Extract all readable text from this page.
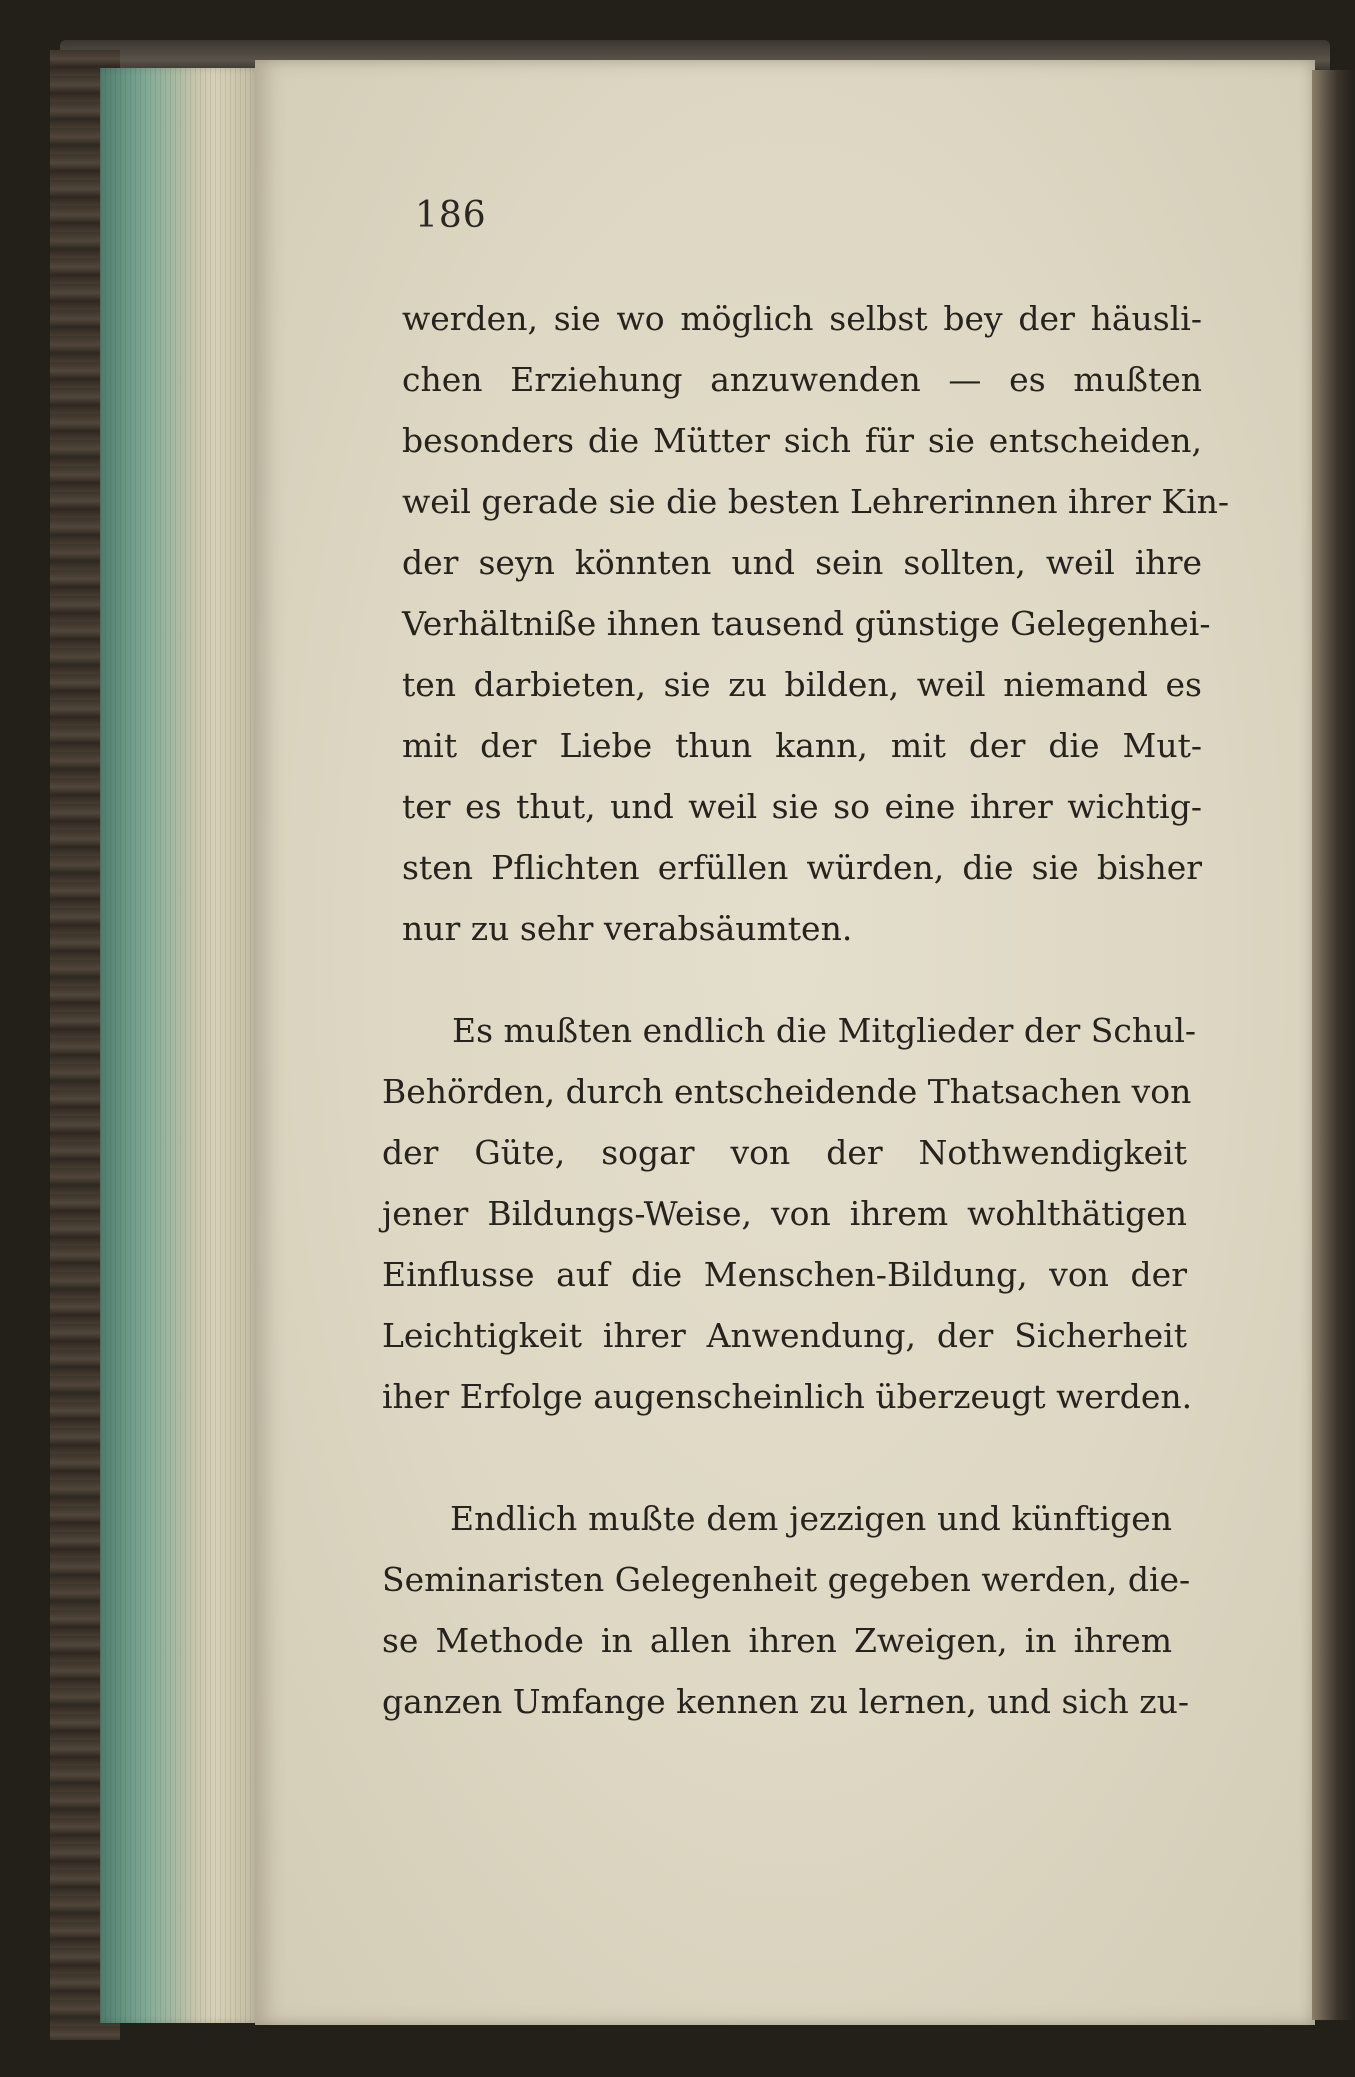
186

werden, sie wo möglich selbst bey der häusli-
chen Erziehung anzuwenden — es mußten
besonders die Mütter sich für sie entscheiden,
weil gerade sie die besten Lehrerinnen ihrer Kin-
der seyn könnten und sein sollten, weil ihre
Verhältniße ihnen tausend günstige Gelegenhei-
ten darbieten, sie zu bilden, weil niemand es
mit der Liebe thun kann, mit der die Mut-
ter es thut, und weil sie so eine ihrer wichtig-
sten Pflichten erfüllen würden, die sie bisher
nur zu sehr verabsäumten.

Es mußten endlich die Mitglieder der Schul-
Behörden, durch entscheidende Thatsachen von
der Güte, sogar von der Nothwendigkeit
jener Bildungs-Weise, von ihrem wohlthätigen
Einflusse auf die Menschen-Bildung, von der
Leichtigkeit ihrer Anwendung, der Sicherheit
iher Erfolge augenscheinlich überzeugt werden.

Endlich mußte dem jezzigen und künftigen
Seminaristen Gelegenheit gegeben werden, die-
se Methode in allen ihren Zweigen, in ihrem
ganzen Umfange kennen zu lernen, und sich zu-
